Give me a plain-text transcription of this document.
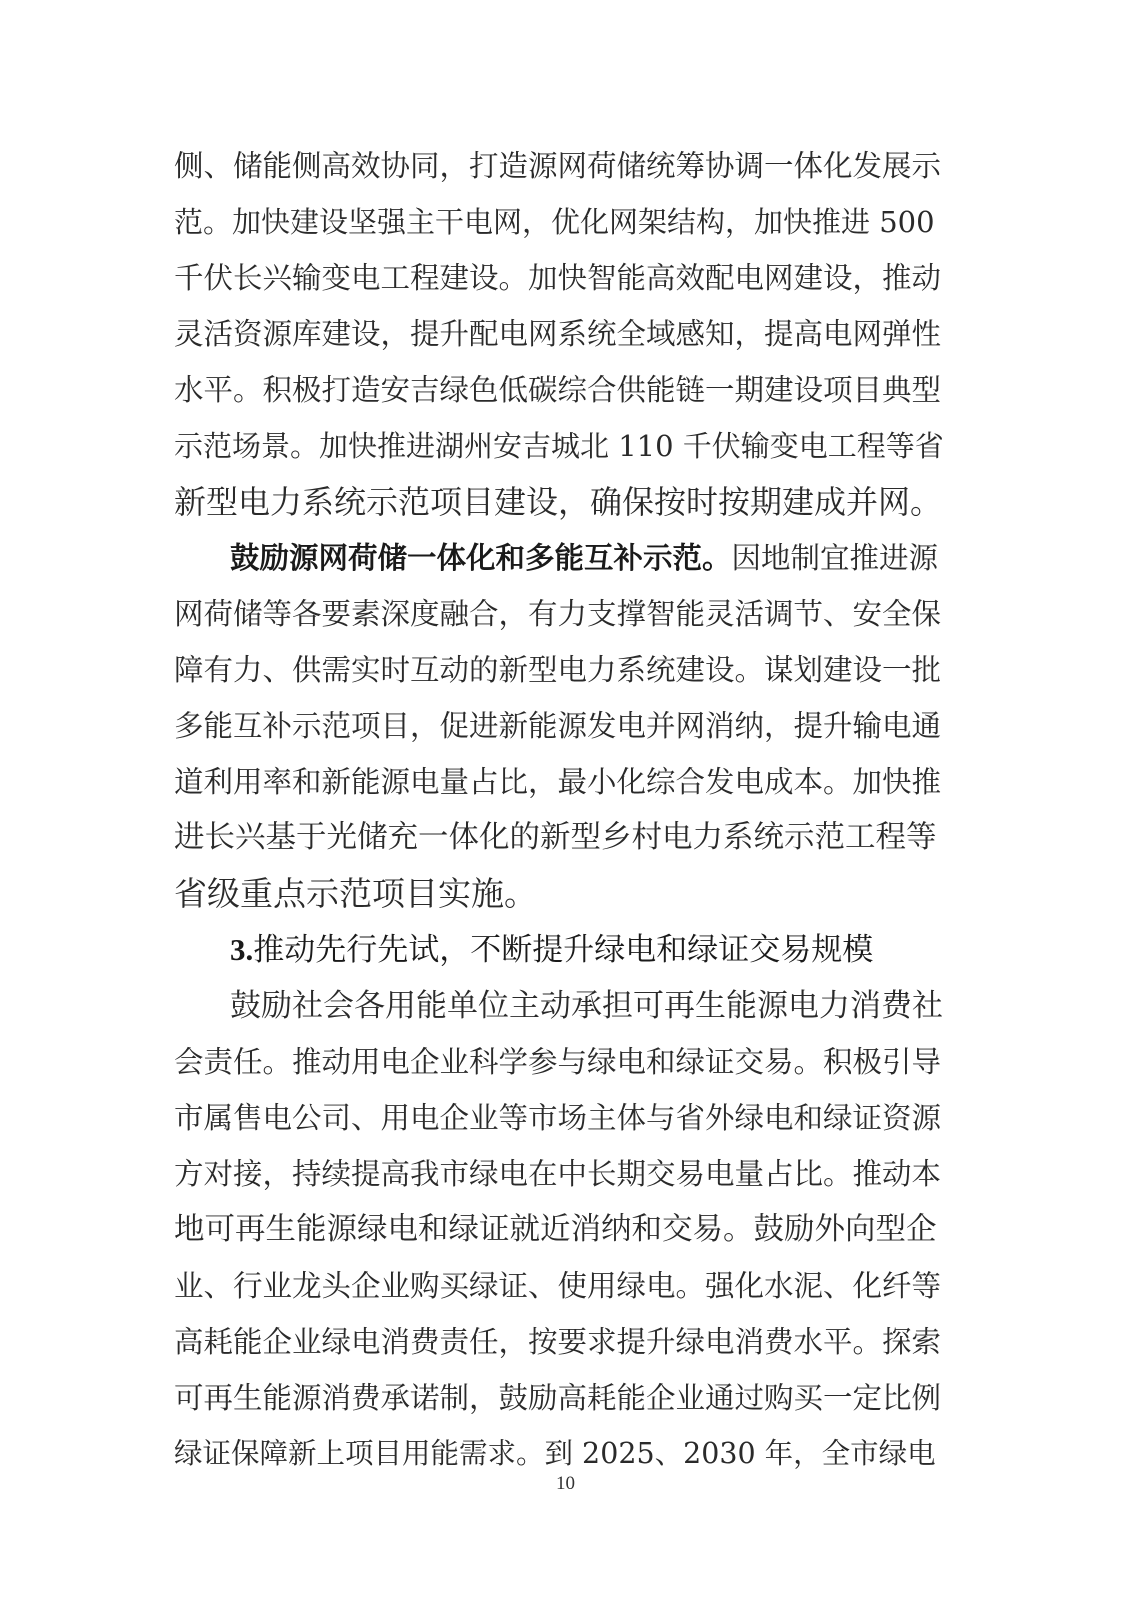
侧、储能侧高效协同，打造源网荷储统筹协调一体化发展示
范。加快建设坚强主干电网，优化网架结构，加快推进 500
千伏长兴输变电工程建设。加快智能高效配电网建设，推动
灵活资源库建设，提升配电网系统全域感知，提高电网弹性
水平。积极打造安吉绿色低碳综合供能链一期建设项目典型
示范场景。加快推进湖州安吉城北 110 千伏输变电工程等省
新型电力系统示范项目建设，确保按时按期建成并网。
鼓励源网荷储一体化和多能互补示范。因地制宜推进源
网荷储等各要素深度融合，有力支撑智能灵活调节、安全保
障有力、供需实时互动的新型电力系统建设。谋划建设一批
多能互补示范项目，促进新能源发电并网消纳，提升输电通
道利用率和新能源电量占比，最小化综合发电成本。加快推
进长兴基于光储充一体化的新型乡村电力系统示范工程等
省级重点示范项目实施。
3.推动先行先试，不断提升绿电和绿证交易规模
鼓励社会各用能单位主动承担可再生能源电力消费社
会责任。推动用电企业科学参与绿电和绿证交易。积极引导
市属售电公司、用电企业等市场主体与省外绿电和绿证资源
方对接，持续提高我市绿电在中长期交易电量占比。推动本
地可再生能源绿电和绿证就近消纳和交易。鼓励外向型企
业、行业龙头企业购买绿证、使用绿电。强化水泥、化纤等
高耗能企业绿电消费责任，按要求提升绿电消费水平。探索
可再生能源消费承诺制，鼓励高耗能企业通过购买一定比例
绿证保障新上项目用能需求。到 2025、2030 年，全市绿电
10
